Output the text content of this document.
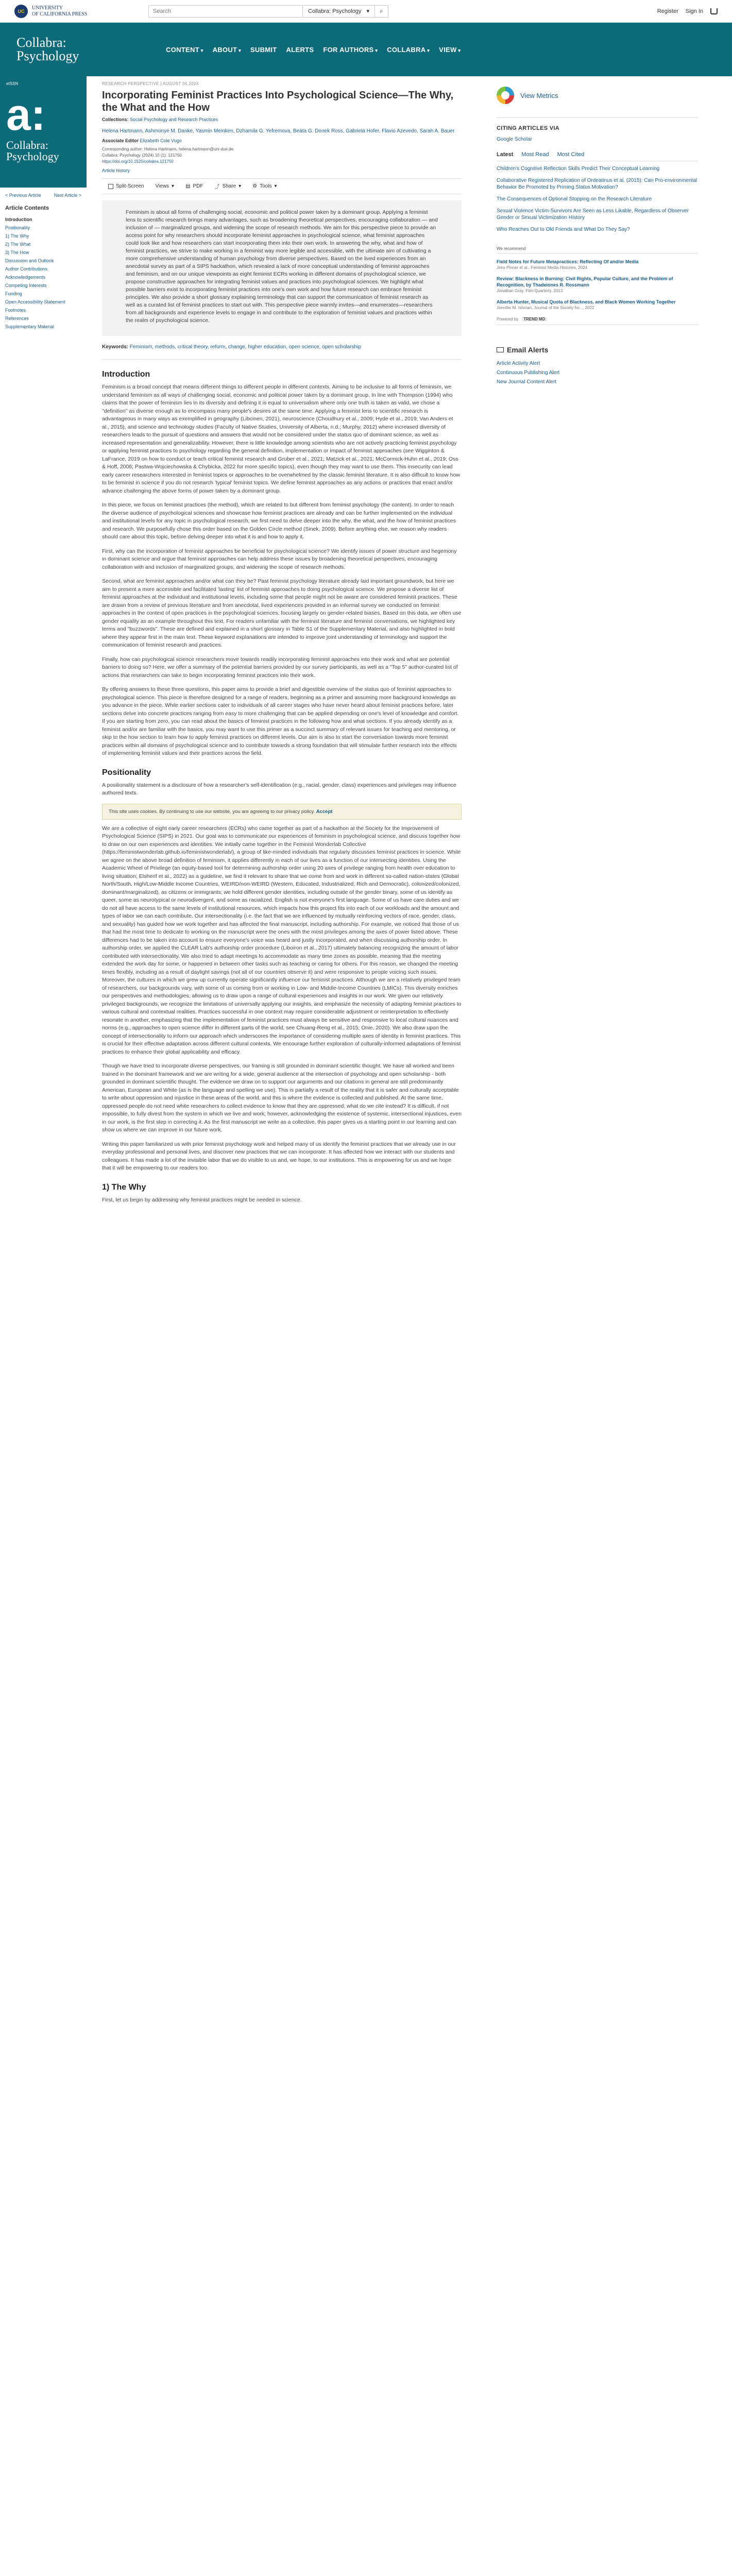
UC
UNIVERSITY
OF CALIFORNIA PRESS
Search	Collabra: Psychology ▾ ⌕	Register Sign In
Collabra:
Psychology	CONTENT ▾	ABOUT ▾	SUBMIT ALERTS FOR AUTHORS ▾	COLLABRA ▾	VIEW ▾
eISSN
a:
Collabra:
Psychology
< Previous Article	Next Article >
Article Contents
Introduction
Positionality
1) The Why
2) The What
3) The How
Discussion and Outlook
Author Contributions
Acknowledgements
Competing Interests
Funding
Open Accessibility Statement
Footnotes
References
Supplementary Material
RESEARCH PERSPECTIVE | AUGUST 05 2024
Incorporating Feminist Practices Into Psychological Science—The Why, the What and the How
Collections: Social Psychology and Research Practices
Helena Hartmann, Ashmonye M. Danke, Yasmin Meinken, Dzhamila G. Yefremova, Beata G. Donek Ross, Gabriela Hofer, Flavio Azevedo, Sarah A. Bauer
Associate Editor Elizabeth Cole Vugo
Corresponding author: Helena Hartmann, helena.hartmann@uni-due.de
Collabra: Psychology (2024) 10 (1): 121750.
https://doi.org/10.1525/collabra.121750
Article history
Split-Screen Views ▾ ▤ PDF ⤴ Share ▾ ⚙ Tools ▾
Feminism is about all forms of challenging social, economic and political power taken by a dominant group. Applying a feminist lens to scientific research brings many advantages, such as broadening theoretical perspectives, encouraging collaboration — and inclusion of — marginalized groups, and widening the scope of research methods. We aim for this perspective piece to provide an access point for why researchers should incorporate feminist approaches in psychological science, what feminist approaches could look like and how researchers can start incorporating them into their own work. In answering the why, what and how of feminist practices, we strive to make working in a feminist way more legible and accessible, with the ultimate aim of cultivating a more comprehensive understanding of human psychology from diverse perspectives. Based on the lived experiences from an anecdotal survey as part of a SIPS hackathon, which revealed a lack of more conceptual understanding of feminist approaches and feminism, and on our unique viewpoints as eight feminist ECRs working in different domains of psychological science, we propose constructive approaches for integrating feminist values and practices into psychological sciences. We highlight what possible barriers exist to incorporating feminist practices into one's own work and how future research can embrace feminist principles. We also provide a short glossary explaining terminology that can support the communication of feminist research as well as a curated list of feminist practices to start out with. This perspective piece warmly invites—and enumerates—researchers from all backgrounds and experience levels to engage in and contribute to the exploration of feminist values and practices within the realm of psychological science.
Keywords: Feminism, methods, critical theory, reform, change, higher education, open science, open scholarship
Introduction

Feminism is a broad concept that means different things to different people in different contexts. Aiming to be inclusive to all forms of feminism, we understand feminism as all ways of challenging social, economic and political power taken by a dominant group. In line with Thompson (1994) who claims that the power of feminism lies in its diversity and defining it is equal to universalism where only one truth is taken as valid, we chose a "definition" as diverse enough as to encompass many people's desires at the same time. Applying a feminist lens to scientific research is advantageous in many ways as exemplified in geography (Libcinen, 2021), neuroscience (Choudhury et al., 2009; Hyde et al., 2019; Van Anders et al., 2015), and science and technology studies (Faculty of Native Studies, University of Alberta, n.d.; Murphy, 2012) where increased diversity of researchers leads to the pursuit of questions and answers that would not be considered under the status quo of dominant science, as well as increased representation and generalizability. However, there is little knowledge among scientists who are not actively practicing feminist psychology or applying feminist practices to psychology regarding the general definition, implementation or impact of feminist approaches (see Wigginton & LaFrance, 2019 on how to conduct or teach critical feminist research and Gruber et al., 2021; Matzick et al., 2021; McCormick-Huhn et al., 2019; Oss & Hoff, 2006; Pastwa-Wojciechowska & Chybicka, 2022 for more specific topics), even though they may want to use them. This insecurity can lead early career researchers interested in feminist topics or approaches to be overwhelmed by the classic feminist literature. It is also difficult to know how to be feminist in science if you do not research 'typical' feminist topics. We define feminist approaches as any actions or practices that enact and/or advance challenging the above forms of power taken by a dominant group.

In this piece, we focus on feminist practices (the method), which are related to but different from feminist psychology (the content). In order to reach the diverse audience of psychological sciences and showcase how feminist practices are already and can be further implemented on the individual and institutional levels for any topic in psychological research, we first need to delve deeper into the why, the what, and the how of feminist practices and research. We purposefully chose this order based on the Golden Circle method (Sinek, 2009). Before anything else, we reason why readers should care about this topic, before delving deeper into what it is and how to apply it.

First, why can the incorporation of feminist approaches be beneficial for psychological science? We identify issues of power structure and hegemony in dominant science and argue that feminist approaches can help address these issues by broadening theoretical perspectives, encouraging collaboration with and inclusion of marginalized groups, and widening the scope of research methods.

Second, what are feminist approaches and/or what can they be? Past feminist psychology literature already laid important groundwork, but here we aim to present a more accessible and facilitated 'lasting' list of feminist approaches to doing psychological science. We propose a diverse list of feminist approaches at the individual and institutional levels, including some that people might not be aware are considered feminist practices. These are drawn from a review of previous literature and from anecdotal, lived experiences provided in an informal survey we conducted on feminist approaches in the context of open practices in the psychological sciences, focusing largely on gender-related biases. Based on this data, we often use gender equality as an example throughout this text. For readers unfamiliar with the feminist literature and feminist conversations, we highlighted key terms and "buzzwords". These are defined and explained in a short glossary in Table S1 of the Supplementary Material, and also highlighted in bold where they appear first in the main text. These keyword explanations are intended to improve joint understanding of terminology and support the communication of feminist research and practices.

Finally, how can psychological science researchers move towards readily incorporating feminist approaches into their work and what are potential barriers to doing so? Here, we offer a summary of the potential barriers provided by our survey participants, as well as a "Top 5" author-curated list of actions that researchers can take to begin incorporating feminist practices into their work.

By offering answers to these three questions, this paper aims to provide a brief and digestible overview of the status quo of feminist approaches to psychological science. This piece is therefore designed for a range of readers, beginning as a primer and assuming more background knowledge as you advance in the piece. While earlier sections cater to individuals of all career stages who have never heard about feminist practices before, later sections delve into concrete practices ranging from easy to more challenging that can be applied depending on one's level of knowledge and comfort. If you are starting from zero, you can read about the basics of feminist practices in the following how and what sections. If you already identify as a feminist and/or are familiar with the basics, you may want to use this primer as a succinct summary of relevant issues for teaching and mentoring, or skip to the how section to learn how to apply feminist practices on different levels. Our aim is also to start the conversation towards more feminist practices within all domains of psychological science and to contribute towards a strong foundation that will stimulate further research into the effects of implementing feminist values and their practices across the field.

Positionality

A positionality statement is a disclosure of how a researcher's self-identification (e.g., racial, gender, class) experiences and privileges may influence authored texts.

This site uses cookies. By continuing to use our website, you are agreeing to our privacy policy. Accept

We are a collective of eight early career researchers (ECRs) who came together as part of a hackathon at the Society for the Improvement of Psychological Science (SIPS) in 2021. Our goal was to communicate our experiences of feminism in psychological science, and discuss together how to draw on our own experiences and identities. We initially came together in the Feminist Wonderlab Collective (https://feministwonderlab.github.io/feministwonderlab/), a group of like-minded individuals that regularly discusses feminist practices in science. While we agree on the above broad definition of feminism, it applies differently in each of our lives as a function of our intersecting identities. Using the Academic Wheel of Privilege (an equity-based tool for determining authorship order using 20 axes of privilege ranging from health over education to living situation; Elsherif et al., 2022) as a guideline, we find it relevant to share that we come from and work in different so-called nation-states (Global North/South, High/Low-Middle Income Countries, WEIRD/non-WEIRD (Western, Educated, Industrialized, Rich and Democratic), colonized/colonized, dominant/marginalized), as citizens or immigrants; we hold different gender identities, including outside of the gender binary, some of us identify as queer, some as neurotypical or neurodivergent, and some as racialized. English is not everyone's first language. Some of us have care duties and we do not all have access to the same levels of institutional resources, which impacts how this project fits into each of our workloads and the amount and types of labor we can each contribute. Our intersectionality (i.e. the fact that we are influenced by mutually reinforcing vectors of race, gender, class, and sexuality) has guided how we work together and has affected the final manuscript, including authorship. For example, we noticed that those of us that had the most time to dedicate to working on the manuscript were the ones with the most privileges among the axes of power listed above. These differences had to be taken into account to ensure everyone's voice was heard and justly incorporated, and when discussing authorship order. In authorship order, we applied the CLEAR Lab's authorship order procedure (Liboiron et al., 2017) ultimately balancing recognizing the amount of labor contributed with intersectionality. We also tried to adapt meetings to accommodate as many time zones as possible, meaning that the meeting extended the work day for some, or happened in between other tasks such as teaching or caring for others. For this reason, we changed the meeting times flexibly, including as a result of daylight savings (not all of our countries observe it) and were responsive to people voicing such issues. Moreover, the cultures in which we grew up currently operate significantly influence our feminist practices. Although we are a relatively privileged team of researchers, our backgrounds vary, with some of us coming from or working in Low- and Middle-Income Countries (LMICs). This diversity enriches our perspectives and methodologies, allowing us to draw upon a range of cultural experiences and insights in our work. We given our relatively privileged backgrounds, we recognize the limitations of universally applying our insights, and emphasize the necessity of adapting feminist practices to various cultural and contextual realities. Practices successful in one context may require considerable adjustment or reinterpretation to effectively resonate in another, emphasizing that the implementation of feminist practices must always be sensitive and responsive to local cultural nuances and norms (e.g., approaches to open science differ in different parts of the world, see Chuang-Reng et al., 2015; Onie, 2020). We also draw upon the concept of intersectionality to inform our approach which underscores the importance of considering multiple axes of identity in feminist practices. This is crucial for their effective adaptation across different cultural contexts. We encourage further exploration of culturally-informed adaptations of feminist practices to enhance their global applicability and efficacy.

Though we have tried to incorporate diverse perspectives, our framing is still grounded in dominant scientific thought. We have all worked and been trained in the dominant framework and we are writing for a wide, general audience at the intersection of psychology and open scholarship - both grounded in dominant scientific thought. The evidence we draw on to support our arguments and our citations in general are still predominantly American, European and White (as is the language and spelling we use). This is partially a result of the reality that it is safer and culturally acceptable to write about oppression and injustice in these areas of the world, and this is where the evidence is collected and published. At the same time, oppressed people do not need white researchers to collect evidence to know that they are oppressed; what do we cite instead? It is difficult, if not impossible, to fully divest from the system in which we live and work; however, acknowledging the existence of systemic, intersectional injustices, even in our work, is the first step in correcting it. As the first manuscript we write as a collective, this paper gives us a starting point in our learning and can show us where we can improve in our future work.

Writing this paper familiarized us with prior feminist psychology work and helped many of us identify the feminist practices that we already use in our everyday professional and personal lives, and discover new practices that we can incorporate. It has affected how we interact with our students and colleagues. It has made a lot of the invisible labor that we do visible to us and, we hope, to our institutions. This is empowering for us and we hope that it will be empowering to our readers too.

1) The Why

First, let us begin by addressing why feminist practices might be needed in science.

View Metrics
CITING ARTICLES VIA
Google Scholar
Latest Most Read Most Cited
Children's Cognitive Reflection Skills Predict Their Conceptual Learning
Collaborative Registered Replication of Ordeatinus et al. (2015): Can Pro-environmental Behavior Be Promoted by Priming Status Motivation?
The Consequences of Optional Stopping on the Research Literature
Sexual Violence Victim-Survivors Are Seen as Less Likable, Regardless of Observer Gender or Sexual Victimization History
Who Reaches Out to Old Friends and What Do They Say?
We recommend
Field Notes for Future Metapractices: Reflecting Of and/or Media
Jens Pinner et al., Feminist Media Histories, 2024
Review: Blackness in Burning: Civil Rights, Popular Culture, and the Problem of Recognition, by Thadeiones R. Rossmann
Jonathan Gray, Film Quarterly, 2013
Alberta Hunter, Musical Quota of Blackness, and Black Women Working Together
Jennifer M. Ishman, Journal of the Society for..., 2022
Powered by	TREND MD
Email Alerts
Article Activity Alert
Continuous Publishing Alert
New Journal Content Alert
